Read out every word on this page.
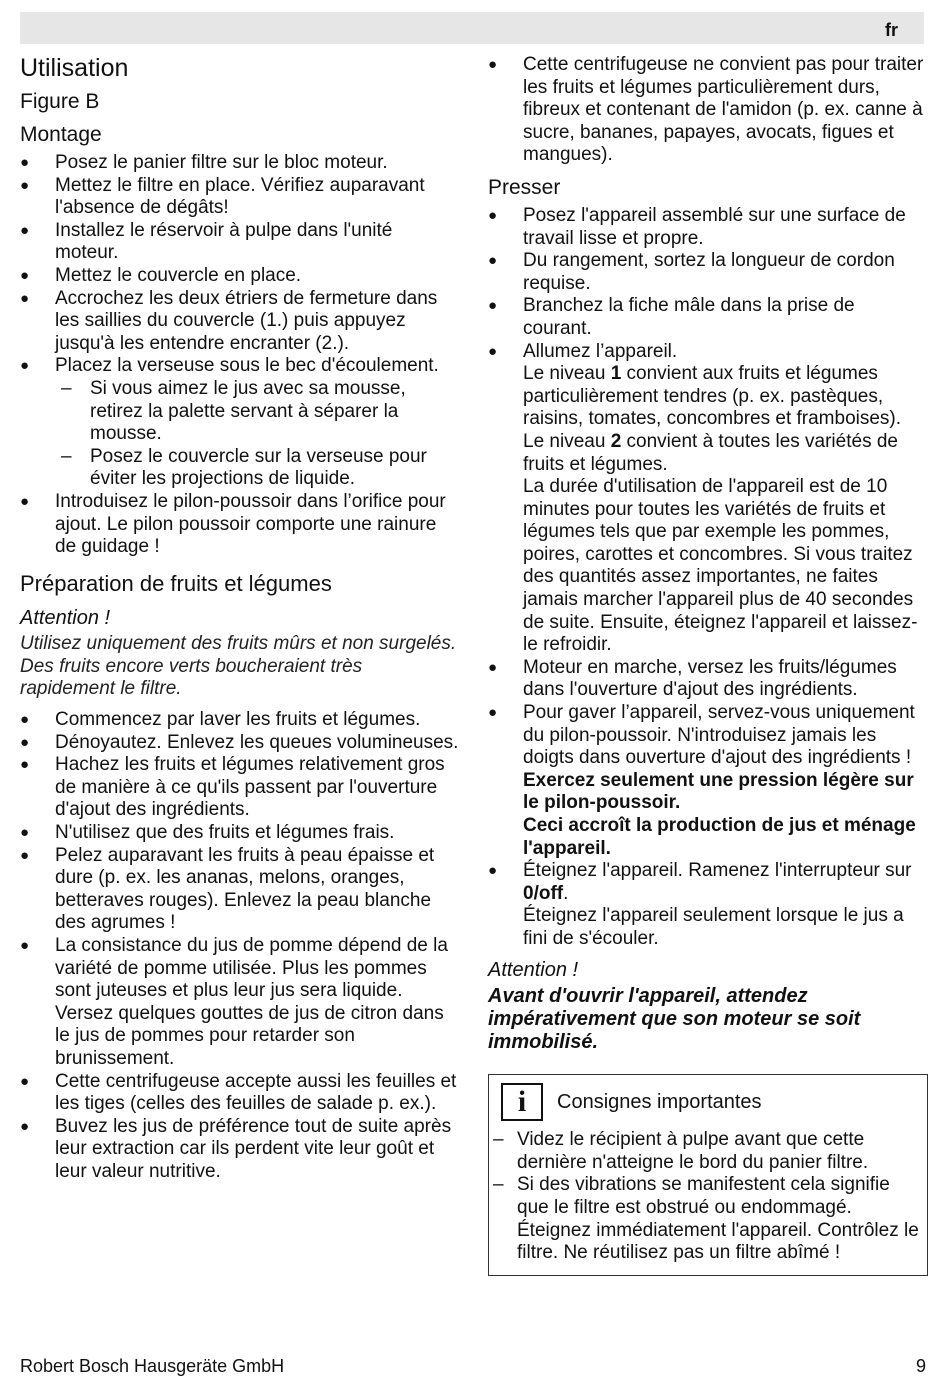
fr
Utilisation
Figure B
Montage
● Posez le panier filtre sur le bloc moteur.
● Mettez le filtre en place. Vérifiez auparavant l'absence de dégâts!
● Installez le réservoir à pulpe dans l'unité moteur.
● Mettez le couvercle en place.
● Accrochez les deux étriers de fermeture dans les saillies du couvercle (1.) puis appuyez jusqu'à les entendre encranter (2.).
● Placez la verseuse sous le bec d'écoulement.
– Si vous aimez le jus avec sa mousse, retirez la palette servant à séparer la mousse.
– Posez le couvercle sur la verseuse pour éviter les projections de liquide.
● Introduisez le pilon-poussoir dans l’orifice pour ajout. Le pilon poussoir comporte une rainure de guidage !
Préparation de fruits et légumes

Attention !

Utilisez uniquement des fruits mûrs et non surgelés. Des fruits encore verts boucheraient très rapidement le filtre.

● Commencez par laver les fruits et légumes.
● Dénoyautez. Enlevez les queues volumineuses.
● Hachez les fruits et légumes relativement gros de manière à ce qu'ils passent par l'ouverture d'ajout des ingrédients.
● N'utilisez que des fruits et légumes frais.
● Pelez auparavant les fruits à peau épaisse et dure (p. ex. les ananas, melons, oranges, betteraves rouges). Enlevez la peau blanche des agrumes !
● La consistance du jus de pomme dépend de la variété de pomme utilisée. Plus les pommes sont juteuses et plus leur jus sera liquide. Versez quelques gouttes de jus de citron dans le jus de pommes pour retarder son brunissement.
● Cette centrifugeuse accepte aussi les feuilles et les tiges (celles des feuilles de salade p. ex.).
● Buvez les jus de préférence tout de suite après leur extraction car ils perdent vite leur goût et leur valeur nutritive.
● Cette centrifugeuse ne convient pas pour traiter les fruits et légumes particulièrement durs, fibreux et contenant de l'amidon (p. ex. canne à sucre, bananes, papayes, avocats, figues et mangues).
Presser
● Posez l'appareil assemblé sur une surface de travail lisse et propre.
● Du rangement, sortez la longueur de cordon requise.
● Branchez la fiche mâle dans la prise de courant.

● Allumez l’appareil.

Le niveau 1 convient aux fruits et légumes particulièrement tendres (p. ex. pastèques, raisins, tomates, concombres et framboises).

Le niveau 2 convient à toutes les variétés de fruits et légumes.

La durée d'utilisation de l'appareil est de 10 minutes pour toutes les variétés de fruits et légumes tels que par exemple les pommes, poires, carottes et concombres. Si vous traitez des quantités assez importantes, ne faites jamais marcher l'appareil plus de 40 secondes de suite. Ensuite, éteignez l'appareil et laissez-le refroidir.

● Moteur en marche, versez les fruits/légumes dans l'ouverture d'ajout des ingrédients.

● Pour gaver l’appareil, servez-vous uniquement du pilon-poussoir. N'introduisez jamais les doigts dans ouverture d'ajout des ingrédients !

Exercez seulement une pression légère sur le pilon-poussoir.

Ceci accroît la production de jus et ménage l'appareil.

● Éteignez l'appareil. Ramenez l'interrupteur sur 0/off.

Éteignez l'appareil seulement lorsque le jus a fini de s'écouler.

Attention !

Avant d'ouvrir l'appareil, attendez impérativement que son moteur se soit immobilisé.

i	Consignes importantes
– Videz le récipient à pulpe avant que cette dernière n'atteigne le bord du panier filtre.
– Si des vibrations se manifestent cela signifie que le filtre est obstrué ou endommagé. Éteignez immédiatement l'appareil. Contrôlez le filtre. Ne réutilisez pas un filtre abîmé !
Robert Bosch Hausgeräte GmbH	9
